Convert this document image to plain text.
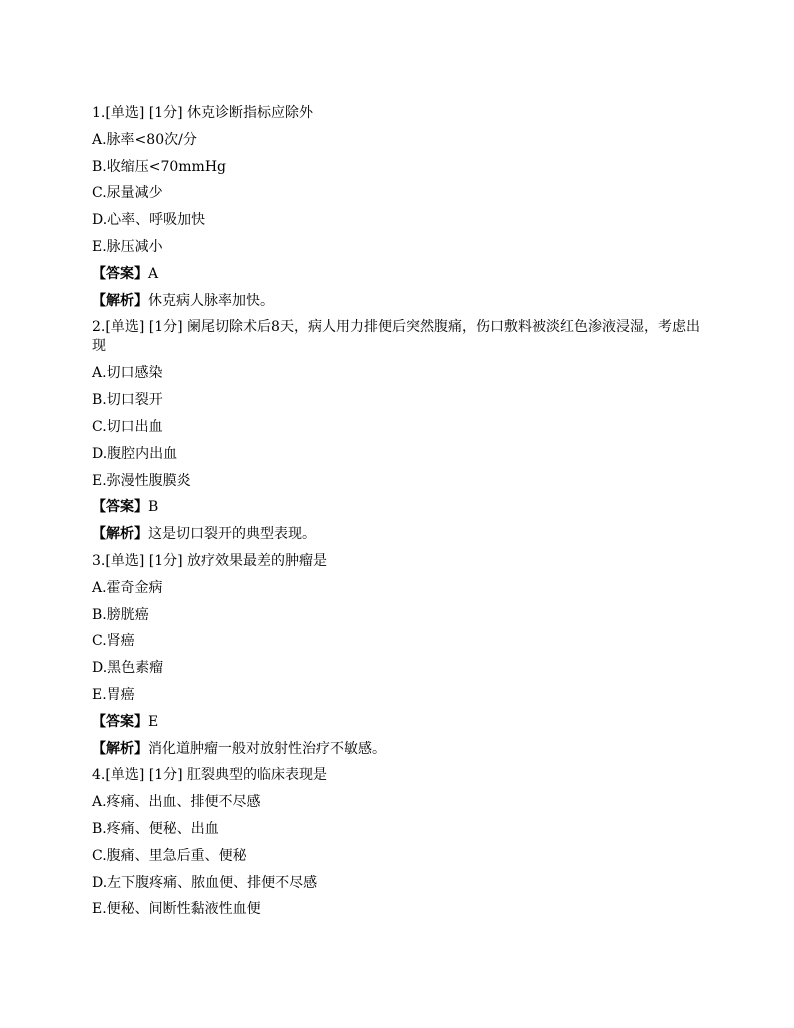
1.[单选] [1分] 休克诊断指标应除外
A.脉率<80次/分
B.收缩压<70mmHg
C.尿量减少
D.心率、呼吸加快
E.脉压减小
【答案】A
【解析】休克病人脉率加快。
2.[单选] [1分] 阑尾切除术后8天，病人用力排便后突然腹痛，伤口敷料被淡红色渗液浸湿，考虑出现
A.切口感染
B.切口裂开
C.切口出血
D.腹腔内出血
E.弥漫性腹膜炎
【答案】B
【解析】这是切口裂开的典型表现。
3.[单选] [1分] 放疗效果最差的肿瘤是
A.霍奇金病
B.膀胱癌
C.肾癌
D.黑色素瘤
E.胃癌
【答案】E
【解析】消化道肿瘤一般对放射性治疗不敏感。
4.[单选] [1分] 肛裂典型的临床表现是
A.疼痛、出血、排便不尽感
B.疼痛、便秘、出血
C.腹痛、里急后重、便秘
D.左下腹疼痛、脓血便、排便不尽感
E.便秘、间断性黏液性血便
